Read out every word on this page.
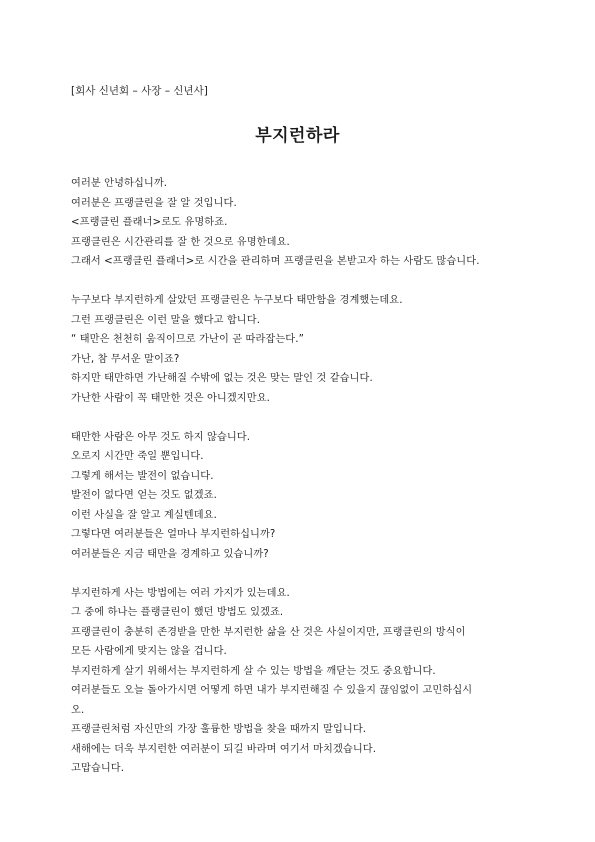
[회사 신년회 – 사장 – 신년사]
부지런하라
여러분 안녕하십니까.
여러분은 프랭클린을 잘 알 것입니다.
<프랭클린 플래너>로도 유명하죠.
프랭클린은 시간관리를 잘 한 것으로 유명한데요.
그래서 <프랭클린 플래너>로 시간을 관리하며 프랭클린을 본받고자 하는 사람도 많습니다.
누구보다 부지런하게 살았던 프랭클린은 누구보다 태만함을 경계했는데요.
그런 프랭클린은 이런 말을 했다고 합니다.
“ 태만은 천천히 움직이므로 가난이 곧 따라잡는다.”
가난, 참 무서운 말이죠?
하지만 태만하면 가난해질 수밖에 없는 것은 맞는 말인 것 같습니다.
가난한 사람이 꼭 태만한 것은 아니겠지만요.
태만한 사람은 아무 것도 하지 않습니다.
오로지 시간만 죽일 뿐입니다.
그렇게 해서는 발전이 없습니다.
발전이 없다면 얻는 것도 없겠죠.
이런 사실을 잘 알고 계실텐데요.
그렇다면 여러분들은 얼마나 부지런하십니까?
여러분들은 지금 태만을 경계하고 있습니까?
부지런하게 사는 방법에는 여러 가지가 있는데요.
그 중에 하나는 플랭클린이 했던 방법도 있겠죠.
프랭클린이 충분히 존경받을 만한 부지런한 삶을 산 것은 사실이지만, 프랭클린의 방식이
모든 사람에게 맞지는 않을 겁니다.
부지런하게 살기 위해서는 부지런하게 살 수 있는 방법을 깨닫는 것도 중요합니다.
여러분들도 오늘 돌아가시면 어떻게 하면 내가 부지런해질 수 있을지 끊임없이 고민하십시
오.
프랭클린처럼 자신만의 가장 훌륭한 방법을 찾을 때까지 말입니다.
새해에는 더욱 부지런한 여러분이 되길 바라며 여기서 마치겠습니다.
고맙습니다.
